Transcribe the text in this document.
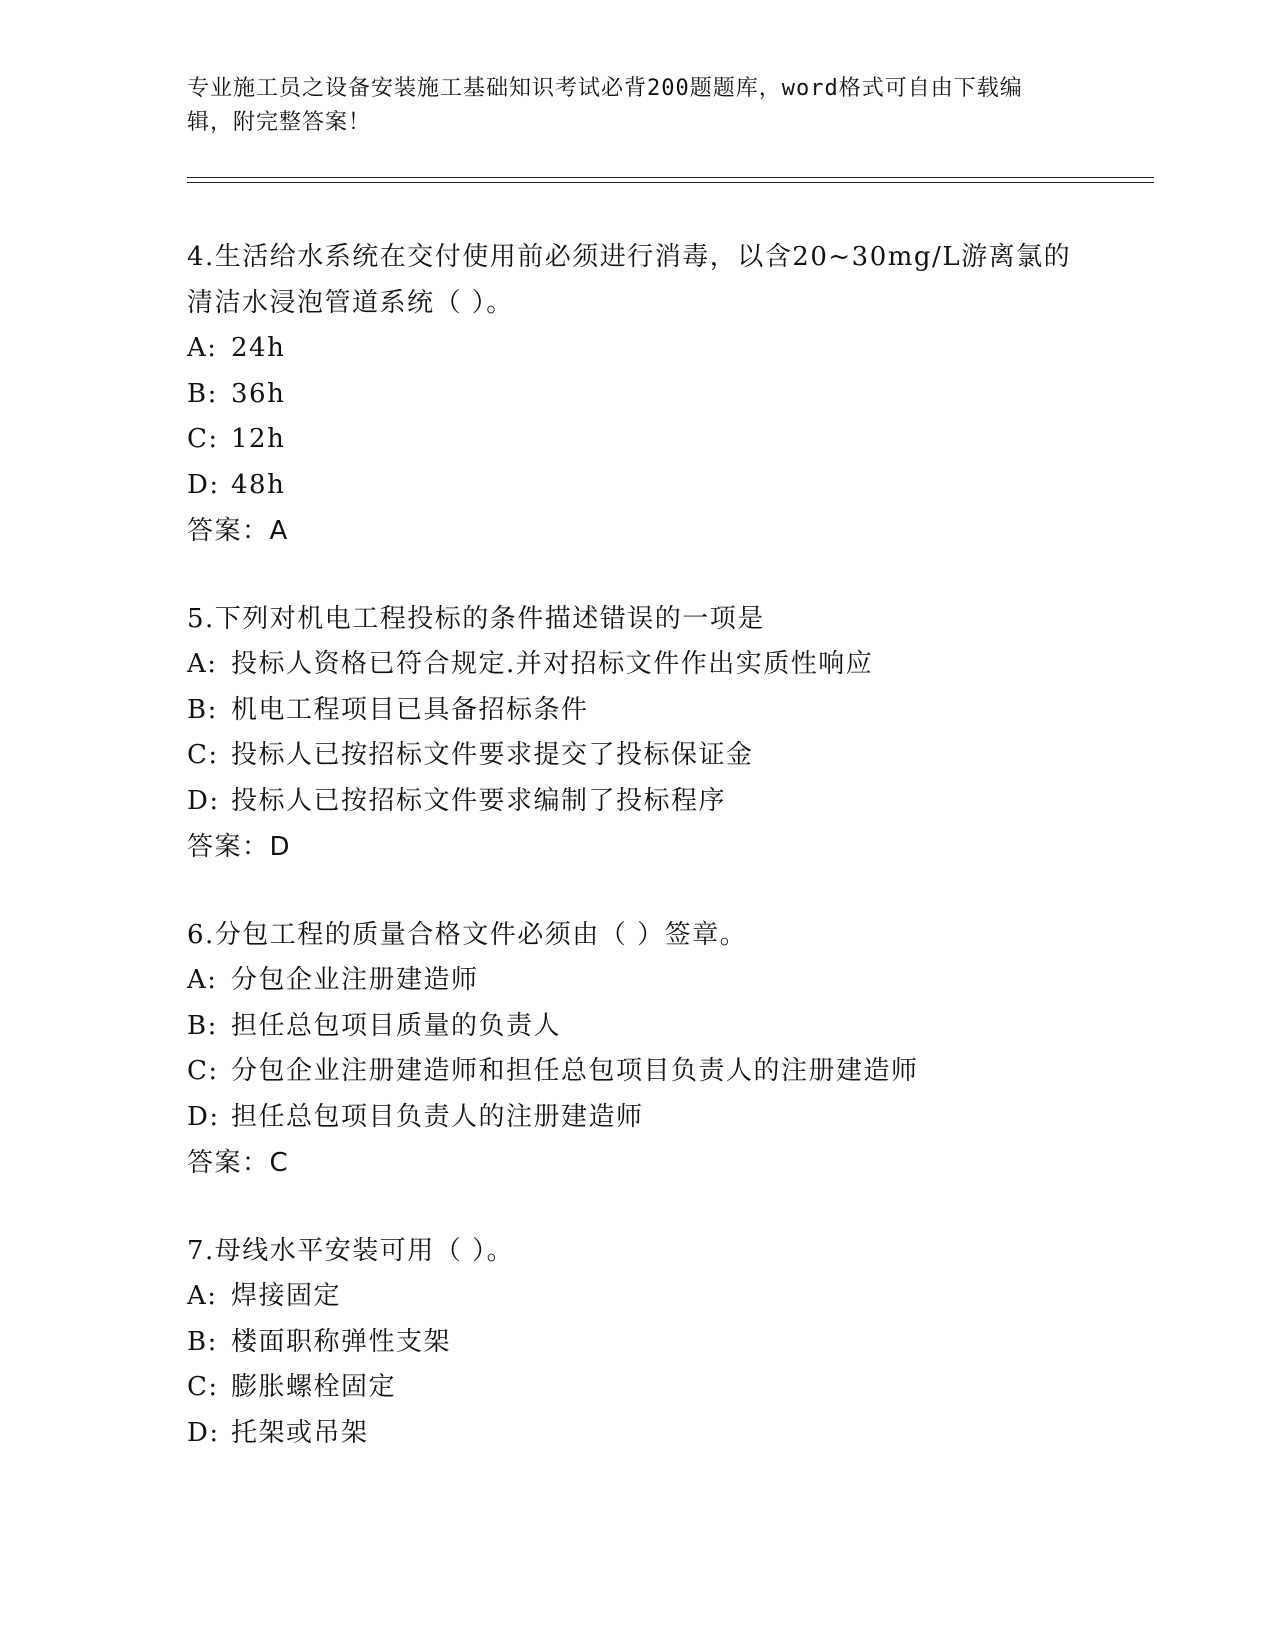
专业施工员之设备安装施工基础知识考试必背200题题库，word格式可自由下载编辑，附完整答案！

4.生活给水系统在交付使用前必须进行消毒，以含20~30mg/L游离氯的清洁水浸泡管道系统（ ）。

A: 24h

B: 36h

C: 12h

D: 48h

答案：A

5.下列对机电工程投标的条件描述错误的一项是

A: 投标人资格已符合规定.并对招标文件作出实质性响应

B: 机电工程项目已具备招标条件

C: 投标人已按招标文件要求提交了投标保证金

D: 投标人已按招标文件要求编制了投标程序

答案：D

6.分包工程的质量合格文件必须由（ ）签章。

A: 分包企业注册建造师

B: 担任总包项目质量的负责人

C: 分包企业注册建造师和担任总包项目负责人的注册建造师

D: 担任总包项目负责人的注册建造师

答案：C

7.母线水平安装可用（ ）。

A: 焊接固定

B: 楼面职称弹性支架

C: 膨胀螺栓固定

D: 托架或吊架
